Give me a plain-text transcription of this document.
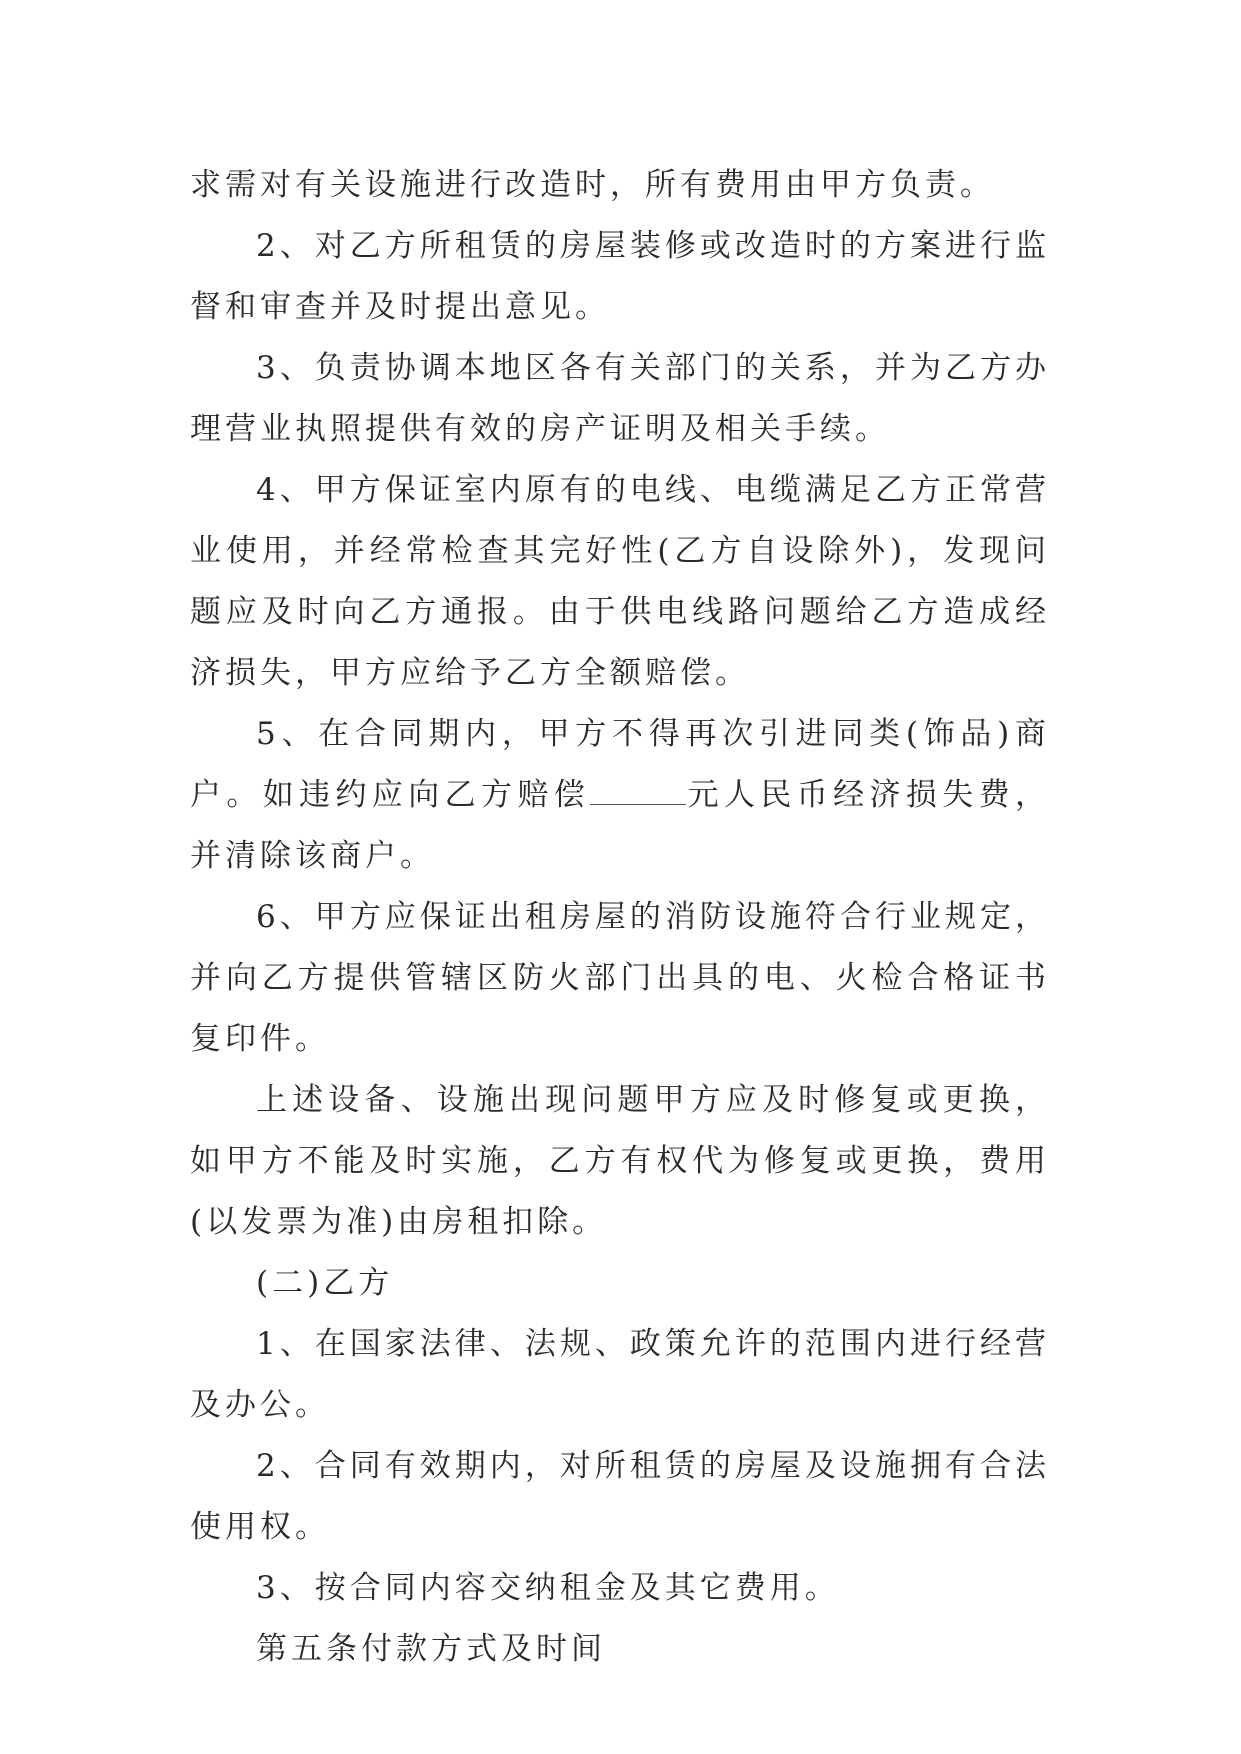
求需对有关设施进行改造时，所有费用由甲方负责。

2、对乙方所租赁的房屋装修或改造时的方案进行监督和审查并及时提出意见。

3、负责协调本地区各有关部门的关系，并为乙方办理营业执照提供有效的房产证明及相关手续。

4、甲方保证室内原有的电线、电缆满足乙方正常营业使用，并经常检查其完好性(乙方自设除外)，发现问题应及时向乙方通报。由于供电线路问题给乙方造成经济损失，甲方应给予乙方全额赔偿。

5、在合同期内，甲方不得再次引进同类(饰品)商户。如违约应向乙方赔偿	元人民币经济损失费，并清除该商户。

6、甲方应保证出租房屋的消防设施符合行业规定，并向乙方提供管辖区防火部门出具的电、火检合格证书复印件。

上述设备、设施出现问题甲方应及时修复或更换，如甲方不能及时实施，乙方有权代为修复或更换，费用(以发票为准)由房租扣除。

(二)乙方

1、在国家法律、法规、政策允许的范围内进行经营及办公。

2、合同有效期内，对所租赁的房屋及设施拥有合法使用权。

3、按合同内容交纳租金及其它费用。

第五条付款方式及时间
